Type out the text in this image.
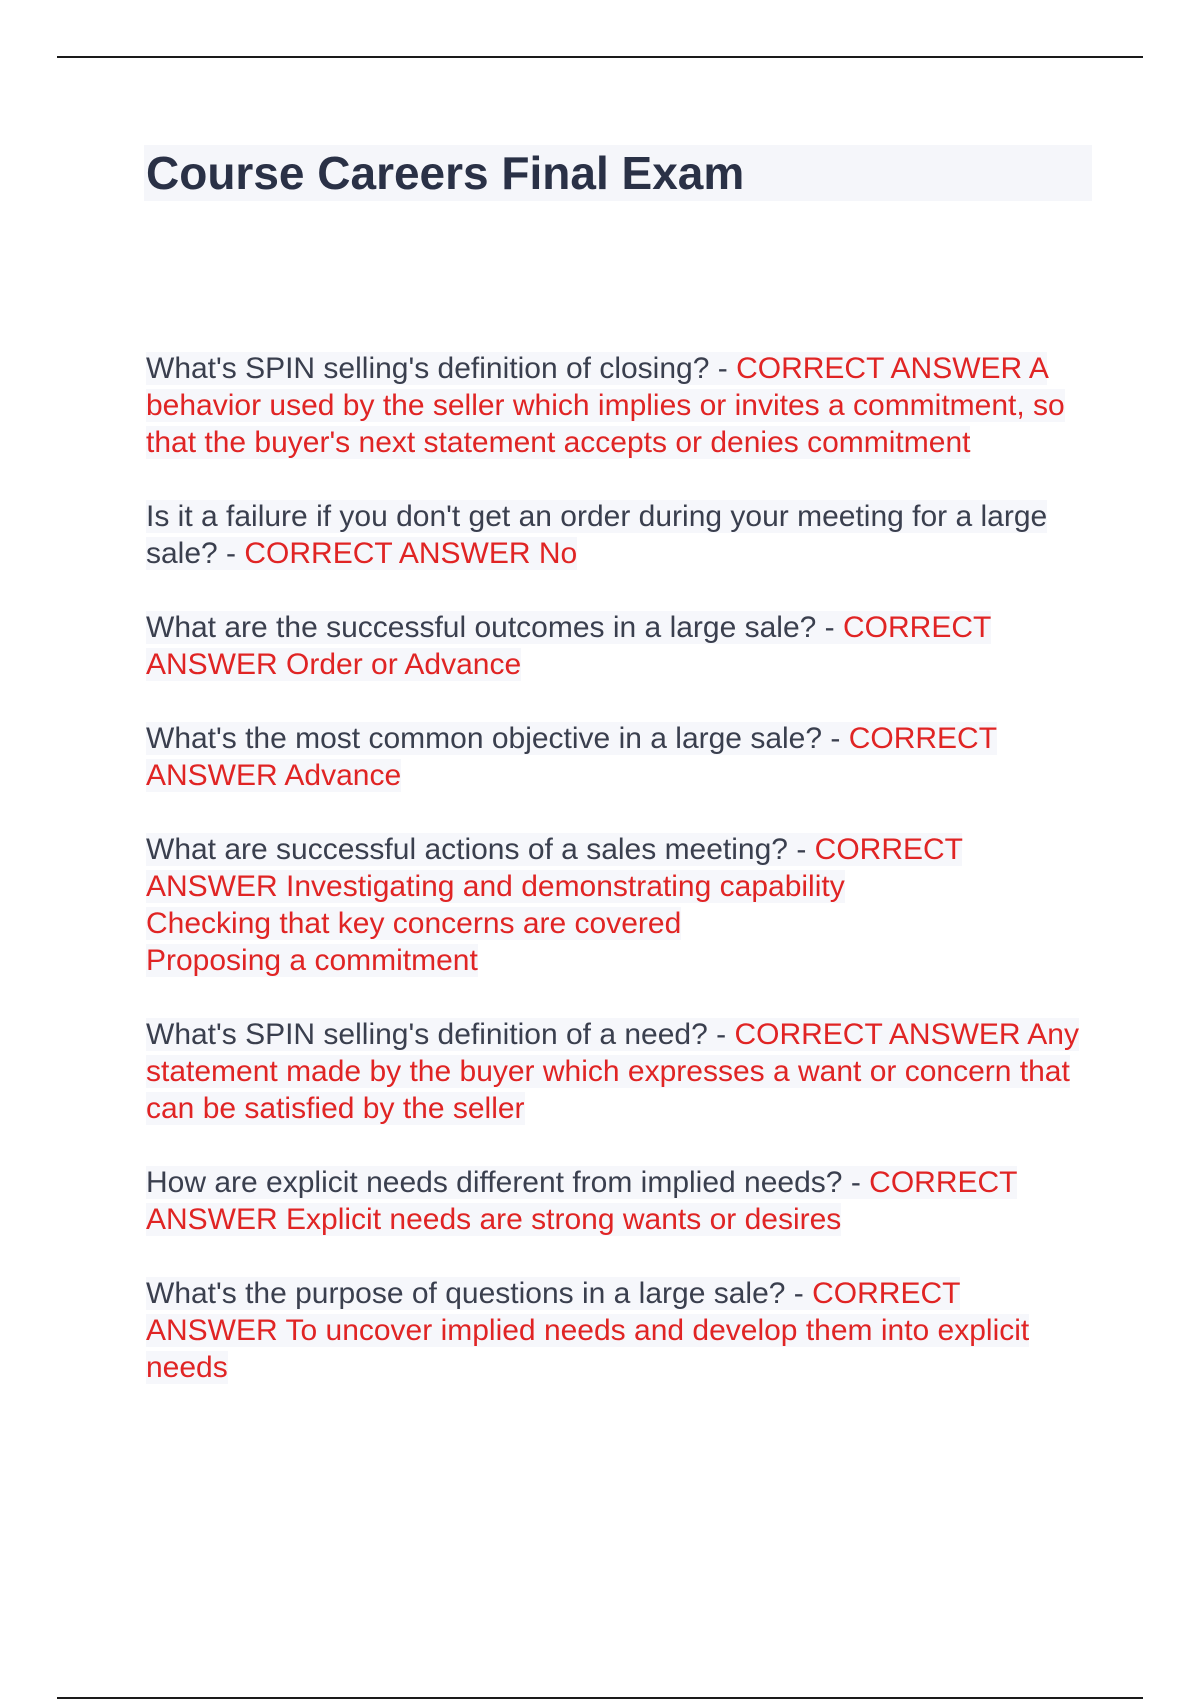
Course Careers Final Exam

What's SPIN selling's definition of closing? - CORRECT ANSWER A behavior used by the seller which implies or invites a commitment, so that the buyer's next statement accepts or denies commitment

Is it a failure if you don't get an order during your meeting for a large sale? - CORRECT ANSWER No

What are the successful outcomes in a large sale? - CORRECT ANSWER Order or Advance

What's the most common objective in a large sale? - CORRECT ANSWER Advance

What are successful actions of a sales meeting? - CORRECT ANSWER Investigating and demonstrating capability
Checking that key concerns are covered
Proposing a commitment

What's SPIN selling's definition of a need? - CORRECT ANSWER Any statement made by the buyer which expresses a want or concern that can be satisfied by the seller

How are explicit needs different from implied needs? - CORRECT ANSWER Explicit needs are strong wants or desires

What's the purpose of questions in a large sale? - CORRECT ANSWER To uncover implied needs and develop them into explicit needs
